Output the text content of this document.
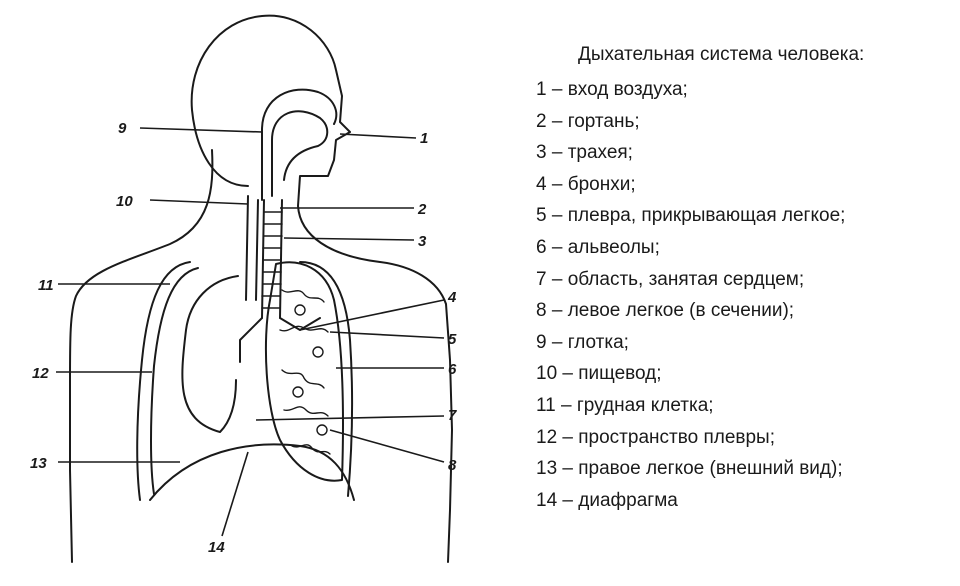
1
2
3
4
5
6
7
8
9
10
11
12
13
14
Дыхательная система человека:
1 – вход воздуха;
2 – гортань;
3 – трахея;
4 – бронхи;
5 – плевра, прикрывающая легкое;
6 – альвеолы;
7 – область, занятая сердцем;
8 – левое легкое (в сечении);
9 – глотка;
10 – пищевод;
11 – грудная клетка;
12 – пространство плевры;
13 – правое легкое (внешний вид);
14 – диафрагма
